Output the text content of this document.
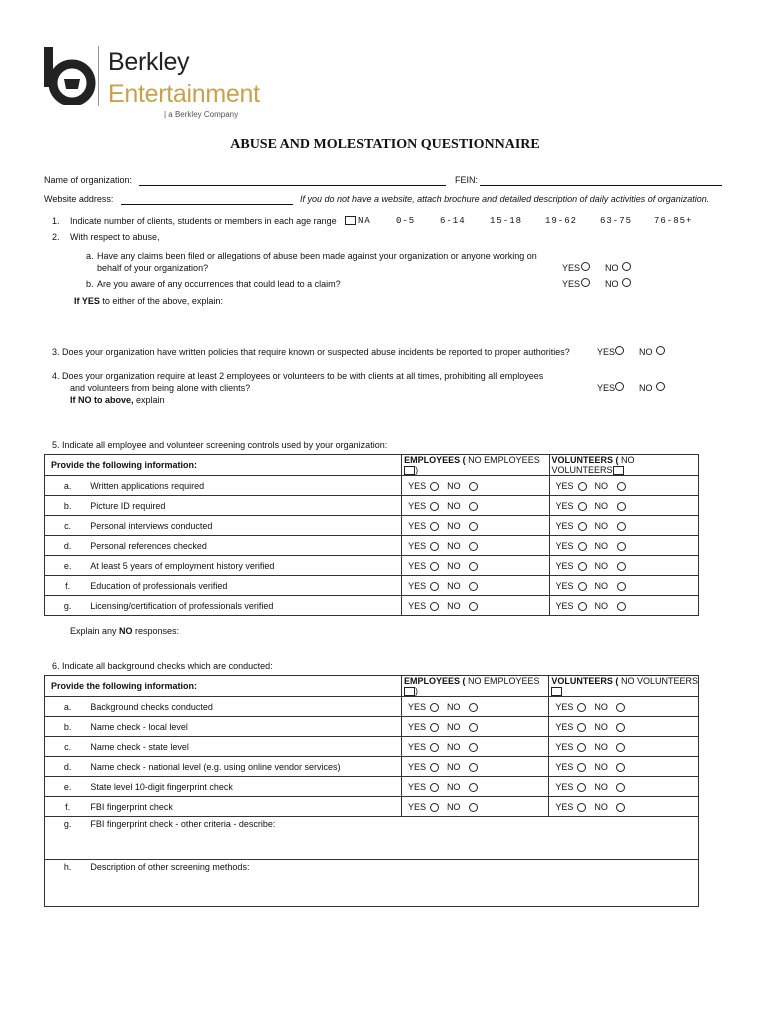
Berkley
Entertainment
| a Berkley Company
ABUSE AND MOLESTATION QUESTIONNAIRE
Name of organization:	FEIN:
Website address:	If you do not have a website, attach brochure and detailed description of daily activities of organization.
1. Indicate number of clients, students or members in each age range NA	0-5	6-14	15-18	19-62	63-75 76-85+
2. With respect to abuse,
a. Have any claims been filed or allegations of abuse been made against your organization or anyone working on
behalf of your organization?	YES	NO
b. Are you aware of any occurrences that could lead to a claim?	YES	NO
If YES to either of the above, explain:
3. Does your organization have written policies that require known or suspected abuse incidents be reported to proper authorities?	YES	NO
4. Does your organization require at least 2 employees or volunteers to be with clients at all times, prohibiting all employees
and volunteers from being alone with clients?	YES	NO
If NO to above, explain
5. Indicate all employee and volunteer screening controls used by your organization:
Provide the following information:		EMPLOYEES ( NO EMPLOYEES )	VOLUNTEERS ( NO VOLUNTEERS
a.	Written applications required	YES NO	YES NO
b.	Picture ID required	YES NO	YES NO
c.	Personal interviews conducted	YES NO	YES NO
d.	Personal references checked	YES NO	YES NO
e.	At least 5 years of employment history verified	YES NO	YES NO
f.	Education of professionals verified	YES NO	YES NO
g.	Licensing/certification of professionals verified	YES NO	YES NO
Explain any NO responses:
6. Indicate all background checks which are conducted:
Provide the following information:		EMPLOYEES ( NO EMPLOYEES )	VOLUNTEERS ( NO VOLUNTEERS
a.	Background checks conducted	YES NO	YES NO
b.	Name check - local level	YES NO	YES NO
c.	Name check - state level	YES NO	YES NO
d.	Name check - national level (e.g. using online vendor services)	YES NO	YES NO
e.	State level 10-digit fingerprint check	YES NO	YES NO
f.	FBI fingerprint check	YES NO	YES NO
g.	FBI fingerprint check - other criteria - describe:		
h.	Description of other screening methods:		
